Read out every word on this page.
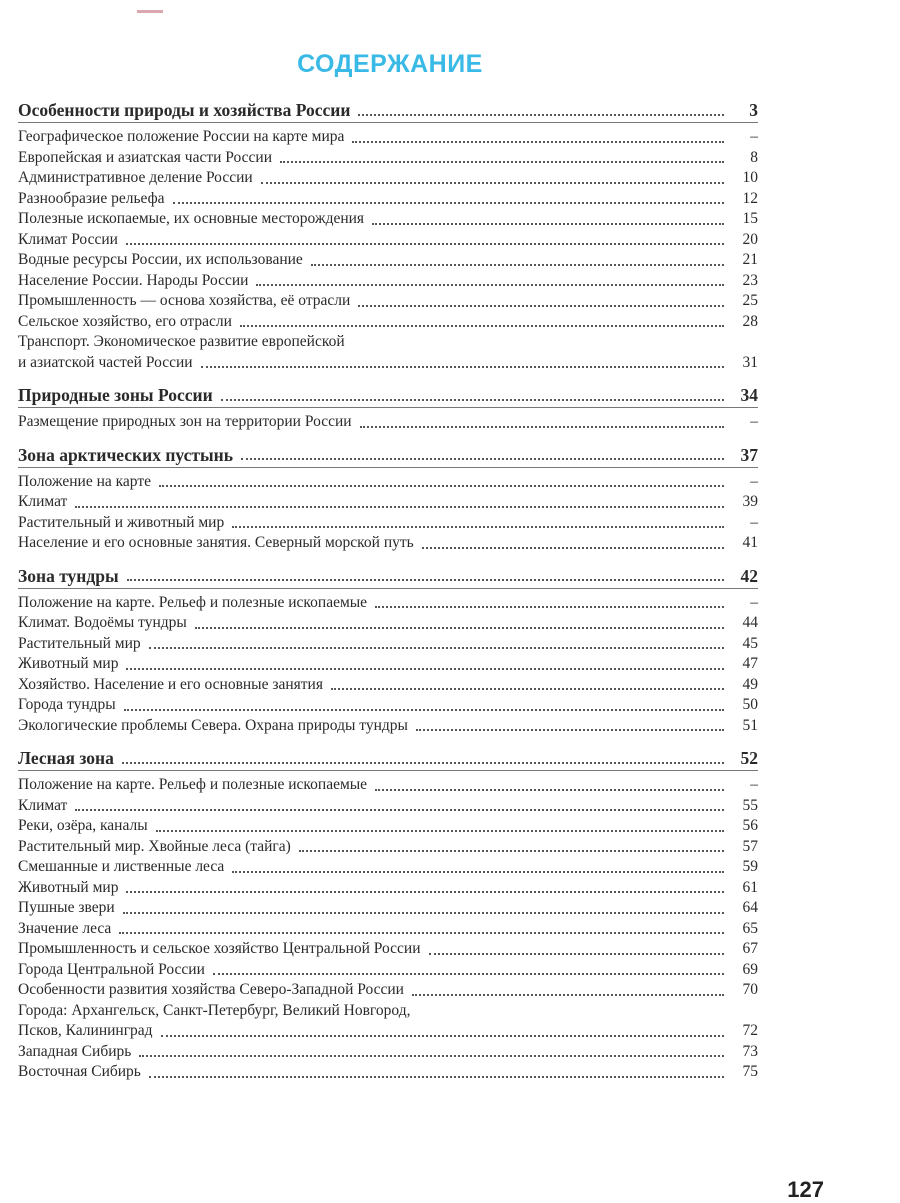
СОДЕРЖАНИЕ
Особенности природы и хозяйства России	3
Географическое положение России на карте мира	–
Европейская и азиатская части России	8
Административное деление России	10
Разнообразие рельефа	12
Полезные ископаемые, их основные месторождения	15
Климат России	20
Водные ресурсы России, их использование	21
Население России. Народы России	23
Промышленность — основа хозяйства, её отрасли	25
Сельское хозяйство, его отрасли	28
Транспорт. Экономическое развитие европейской
и азиатской частей России	31
Природные зоны России	34
Размещение природных зон на территории России	–
Зона арктических пустынь	37
Положение на карте	–
Климат	39
Растительный и животный мир	–
Население и его основные занятия. Северный морской путь	41
Зона тундры	42
Положение на карте. Рельеф и полезные ископаемые	–
Климат. Водоёмы тундры	44
Растительный мир	45
Животный мир	47
Хозяйство. Население и его основные занятия	49
Города тундры	50
Экологические проблемы Севера. Охрана природы тундры	51
Лесная зона	52
Положение на карте. Рельеф и полезные ископаемые	–
Климат	55
Реки, озёра, каналы	56
Растительный мир. Хвойные леса (тайга)	57
Смешанные и лиственные леса	59
Животный мир	61
Пушные звери	64
Значение леса	65
Промышленность и сельское хозяйство Центральной России	67
Города Центральной России	69
Особенности развития хозяйства Северо-Западной России	70
Города: Архангельск, Санкт-Петербург, Великий Новгород,
Псков, Калининград	72
Западная Сибирь	73
Восточная Сибирь	75
127
